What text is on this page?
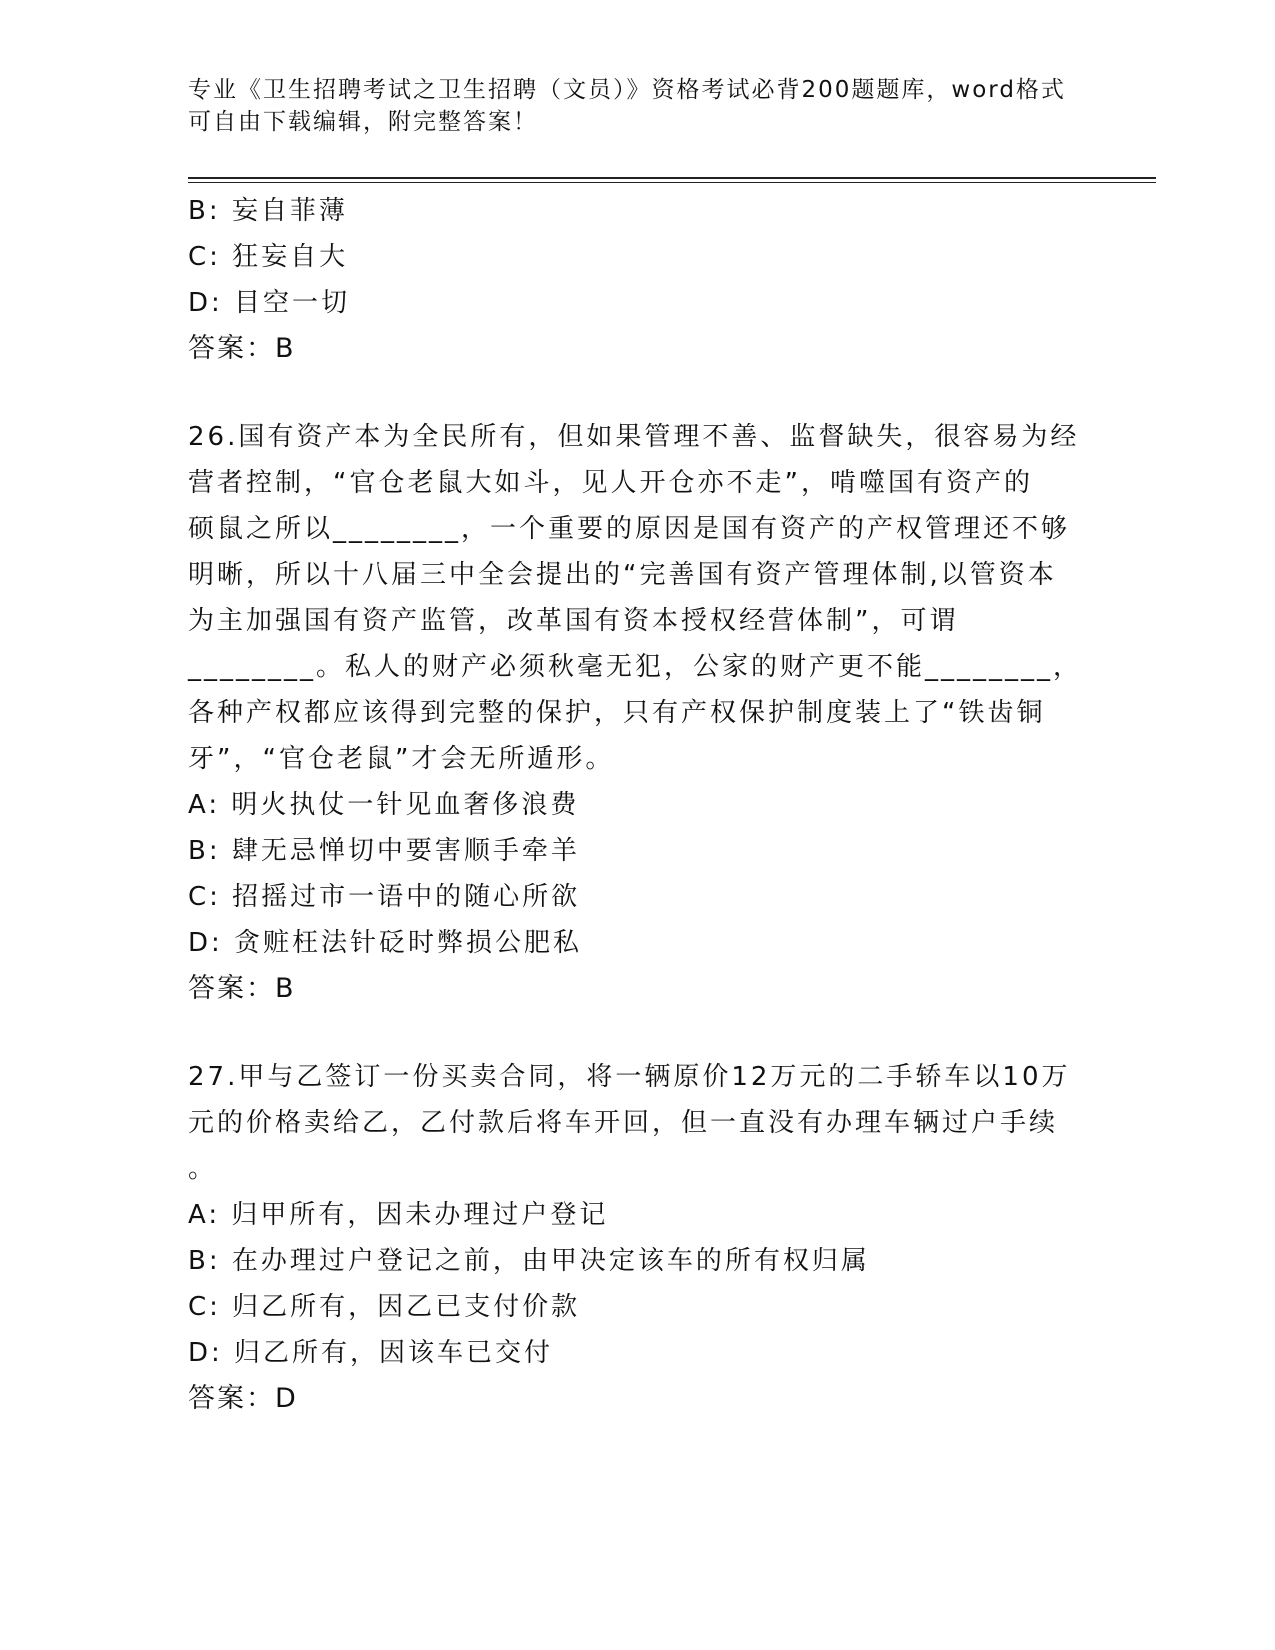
专业《卫生招聘考试之卫生招聘（文员）》资格考试必背200题题库，word格式
可自由下载编辑，附完整答案！
B: 妄自菲薄
C: 狂妄自大
D: 目空一切
答案：B
26.国有资产本为全民所有，但如果管理不善、监督缺失，很容易为经
营者控制，“官仓老鼠大如斗，见人开仓亦不走”，啃噬国有资产的
硕鼠之所以________，一个重要的原因是国有资产的产权管理还不够
明晰，所以十八届三中全会提出的“完善国有资产管理体制,以管资本
为主加强国有资产监管，改革国有资本授权经营体制”，可谓
________。私人的财产必须秋毫无犯，公家的财产更不能________，
各种产权都应该得到完整的保护，只有产权保护制度装上了“铁齿铜
牙”，“官仓老鼠”才会无所遁形。
A: 明火执仗一针见血奢侈浪费
B: 肆无忌惮切中要害顺手牵羊
C: 招摇过市一语中的随心所欲
D: 贪赃枉法针砭时弊损公肥私
答案：B
27.甲与乙签订一份买卖合同，将一辆原价12万元的二手轿车以10万
元的价格卖给乙，乙付款后将车开回，但一直没有办理车辆过户手续
。
A: 归甲所有，因未办理过户登记
B: 在办理过户登记之前，由甲决定该车的所有权归属
C: 归乙所有，因乙已支付价款
D: 归乙所有，因该车已交付
答案：D
